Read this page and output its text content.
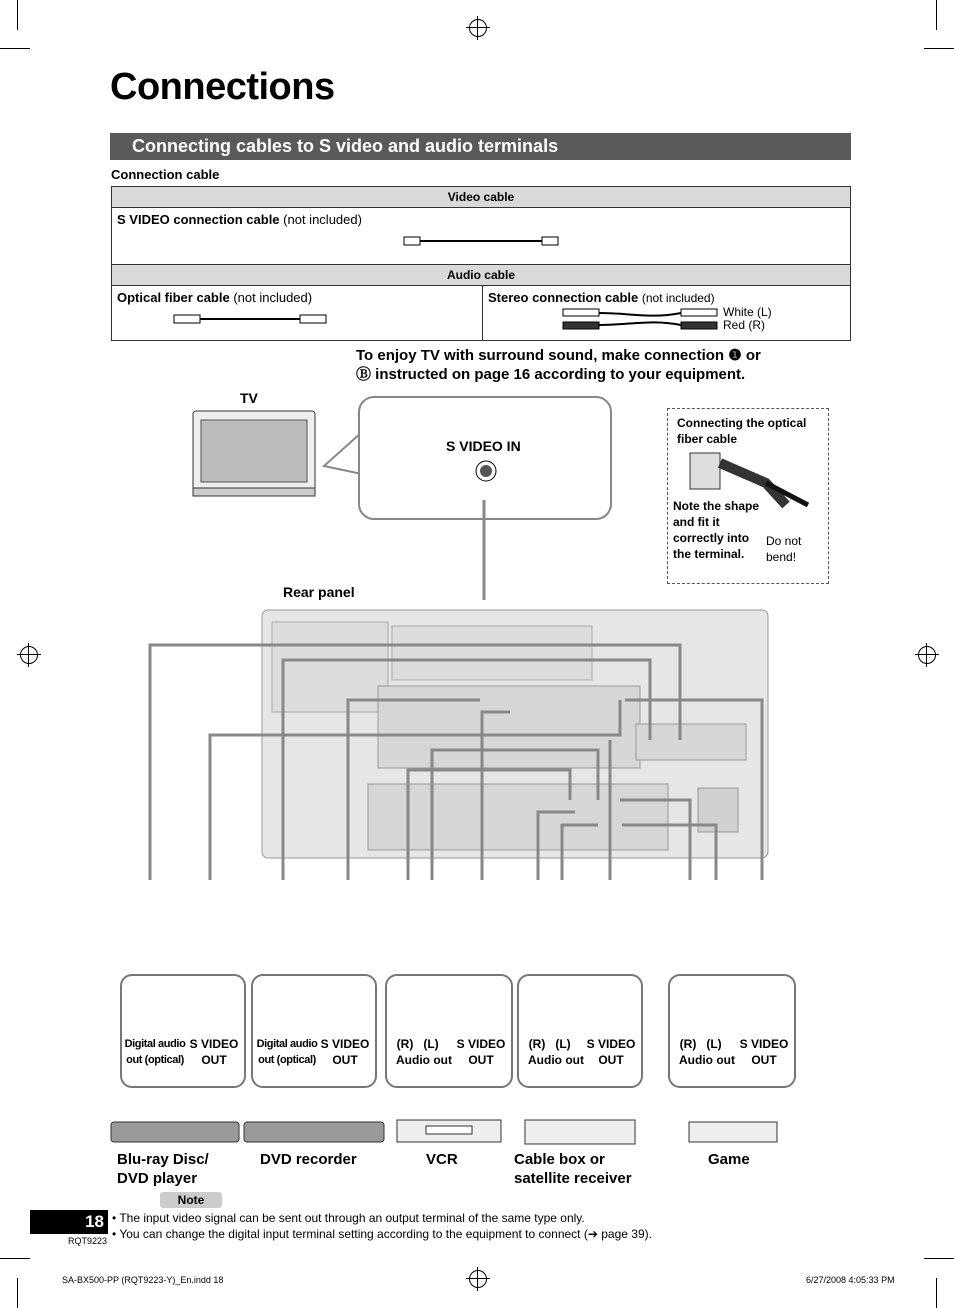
Connections
Connecting cables to S video and audio terminals
Connection cable
Video cable
S VIDEO connection cable (not included)

Audio cable
Optical fiber cable (not included)	Stereo connection cable (not included)
White (L)
Red (R)
To enjoy TV with surround sound, make connection ❶ or
Ⓑ instructed on page 16 according to your equipment.
TV
S VIDEO IN
Connecting the optical fiber cable
Note the shape and fit it correctly into the terminal.
Do not bend!
Rear panel
Digital audio out (optical)
S VIDEO OUT
Digital audio out (optical)
S VIDEO OUT
(R) (L)
Audio out
S VIDEO OUT
(R) (L)
Audio out
S VIDEO OUT
(R) (L)
Audio out
S VIDEO OUT
Blu-ray Disc/ DVD player
DVD recorder	VCR	Cable box or satellite receiver
Game
Note
• The input video signal can be sent out through an output terminal of the same type only.
• You can change the digital input terminal setting according to the equipment to connect (➔ page 39).
18
RQT9223
SA-BX500-PP (RQT9223-Y)_En.indd 18	6/27/2008 4:05:33 PM
